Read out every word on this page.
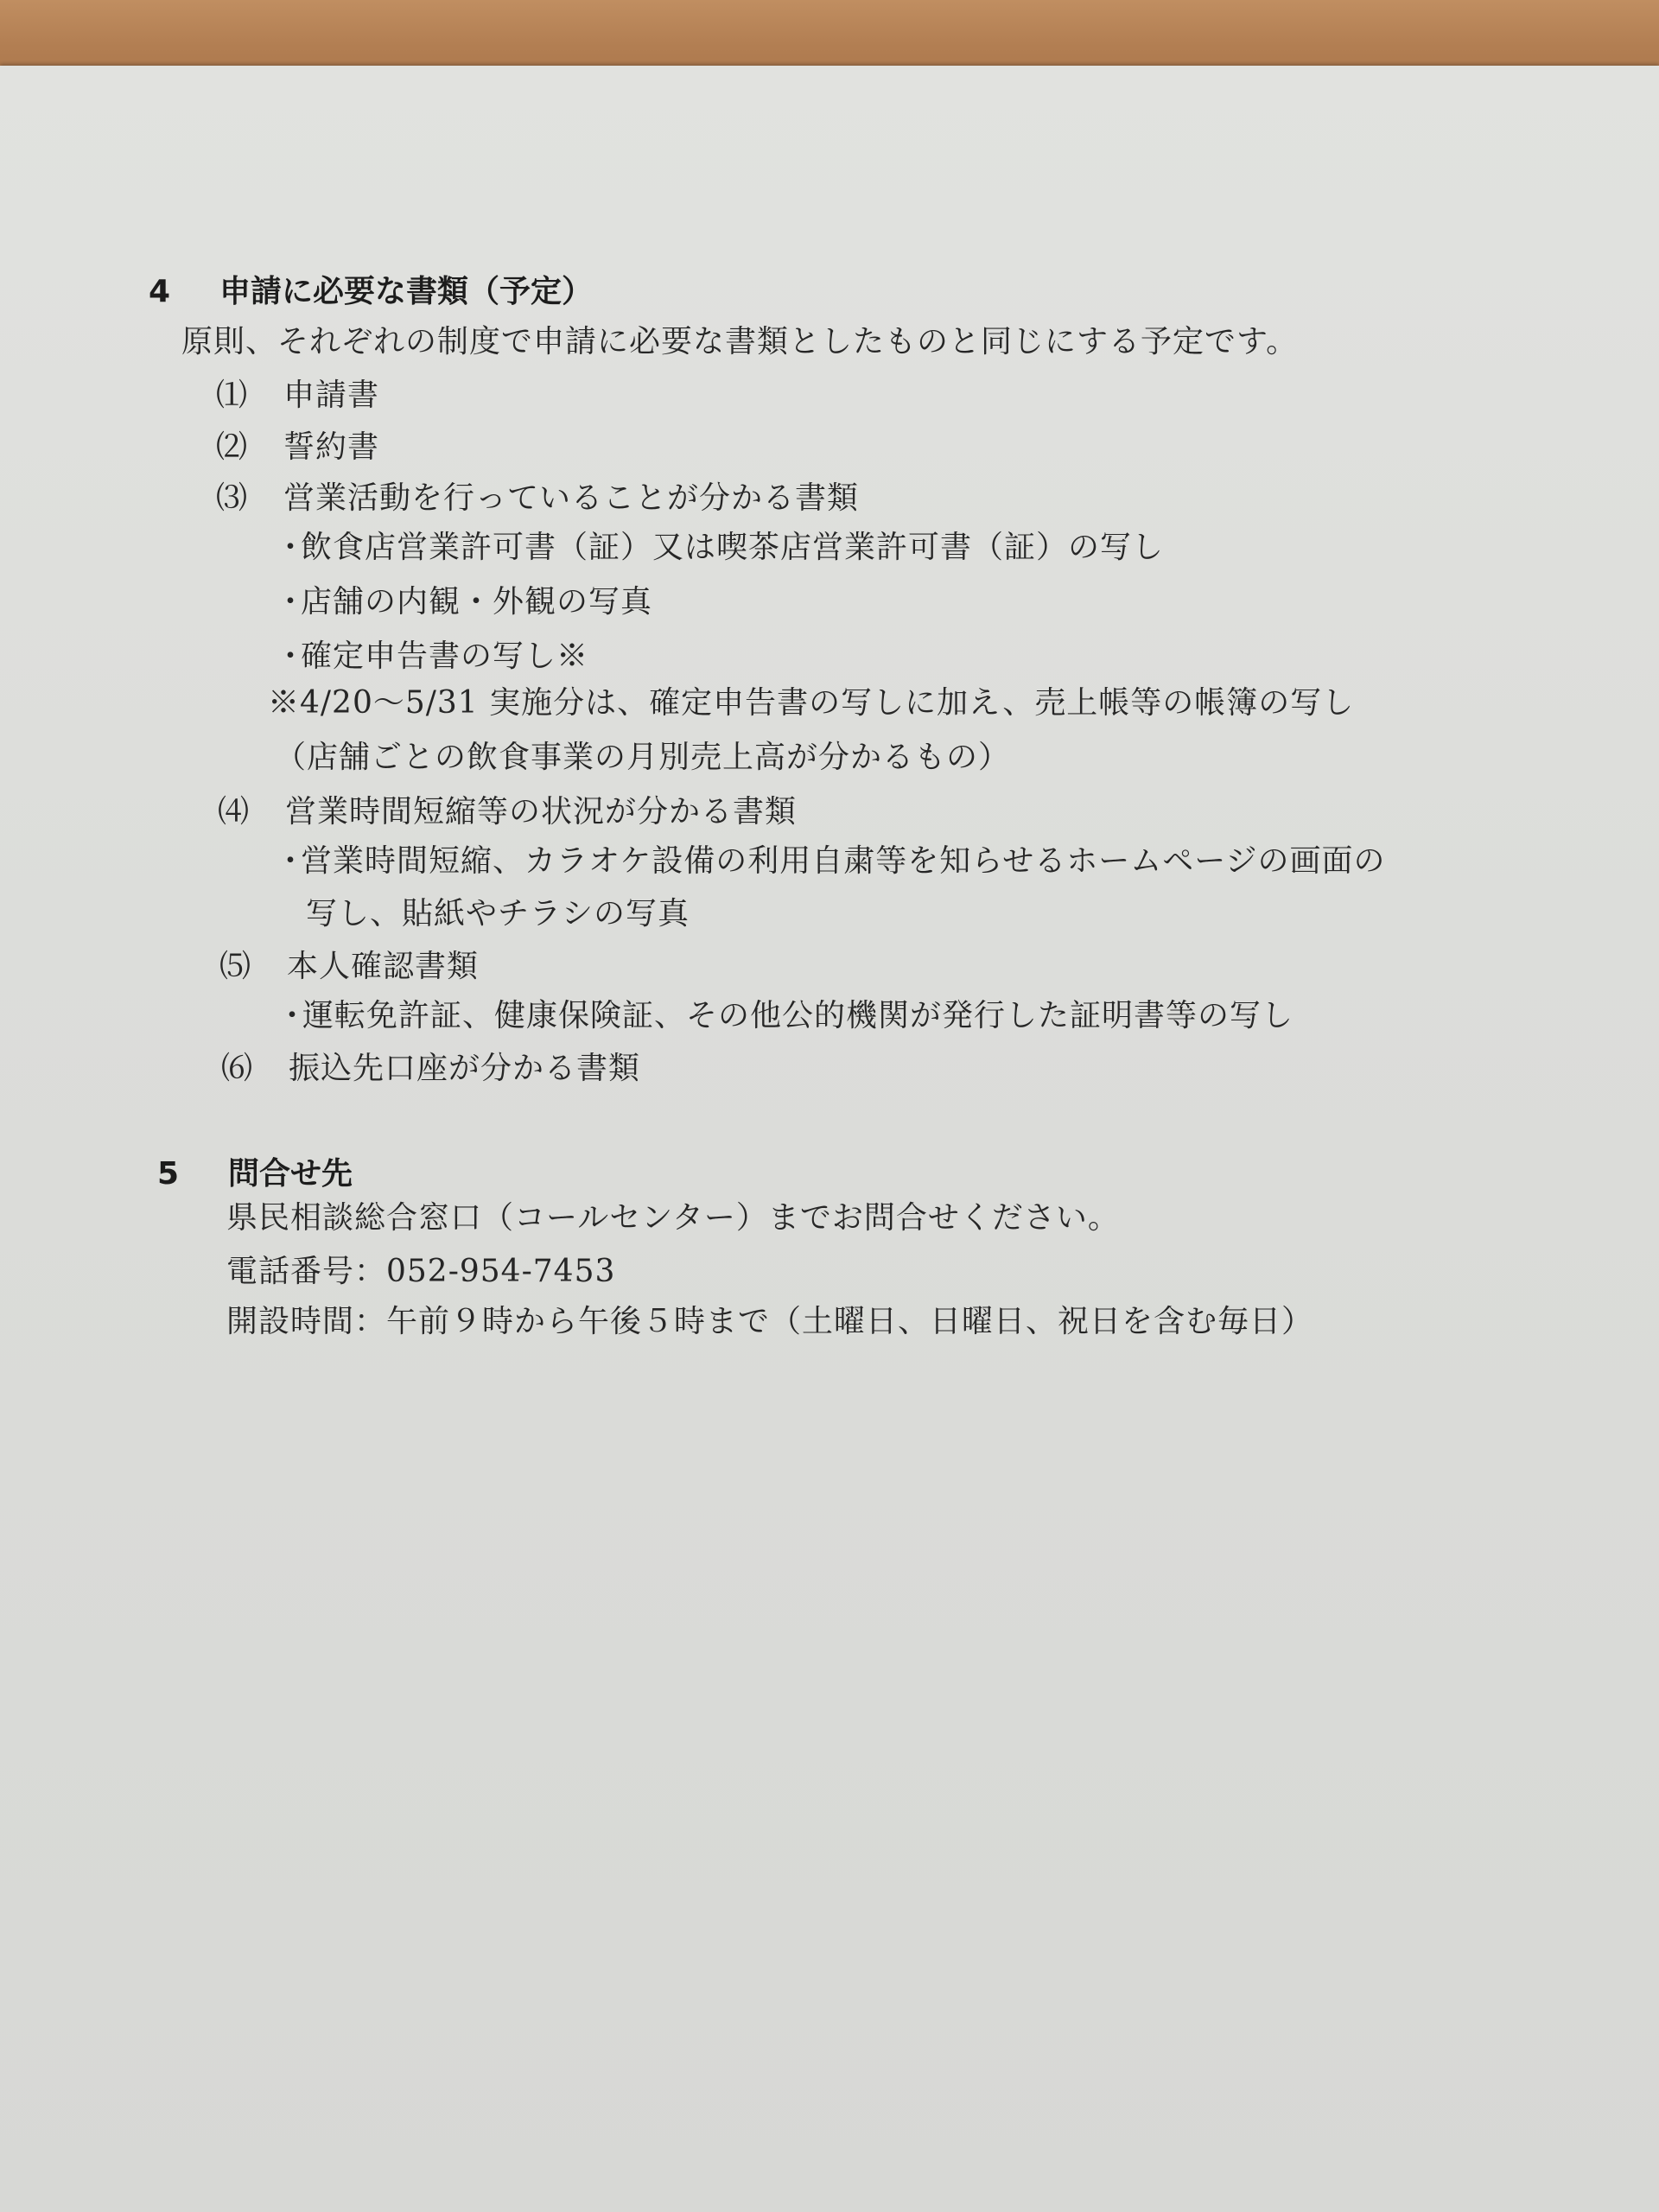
4 申請に必要な書類（予定）
原則、それぞれの制度で申請に必要な書類としたものと同じにする予定です。
⑴ 申請書
⑵ 誓約書
⑶ 営業活動を行っていることが分かる書類
・飲食店営業許可書（証）又は喫茶店営業許可書（証）の写し
・店舗の内観・外観の写真
・確定申告書の写し※
※4/20～5/31 実施分は、確定申告書の写しに加え、売上帳等の帳簿の写し
（店舗ごとの飲食事業の月別売上高が分かるもの）
⑷ 営業時間短縮等の状況が分かる書類
・営業時間短縮、カラオケ設備の利用自粛等を知らせるホームページの画面の
写し、貼紙やチラシの写真
⑸ 本人確認書類
・運転免許証、健康保険証、その他公的機関が発行した証明書等の写し
⑹ 振込先口座が分かる書類
5 問合せ先
県民相談総合窓口（コールセンター）までお問合せください。
電話番号：052-954-7453
開設時間：午前９時から午後５時まで（土曜日、日曜日、祝日を含む毎日）
